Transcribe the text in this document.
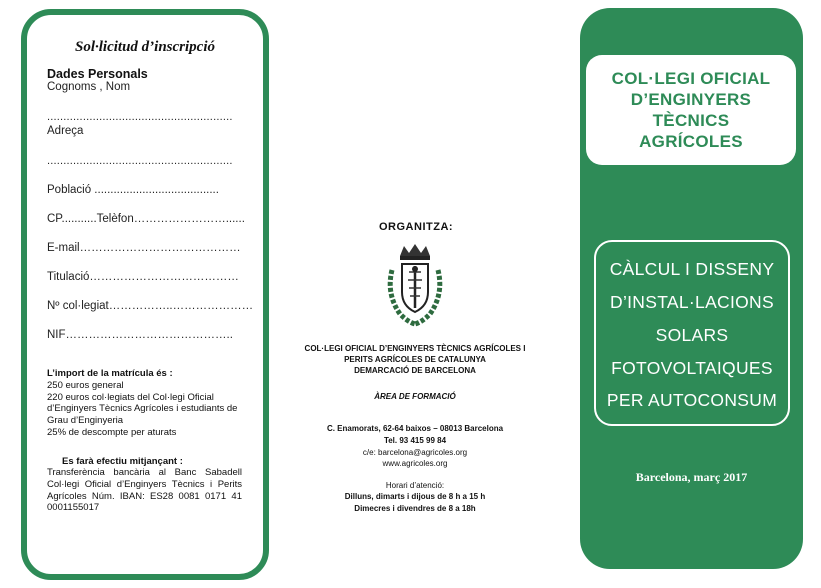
Sol·licitud d’inscripció
Dades Personals
Cognoms , Nom
.........................................................
Adreça
.........................................................
Població .......................................
CP...........Telèfon……………………......
E-mail……………………………………
Titulació…………………………………
Nº col·legiat……………..…………………
NIF……………………………………..
L’import de la matrícula és :
250 euros general
220 euros col·legiats del Col·legi Oficial d’Enginyers Tècnics Agrícoles i estudiants de Grau d’Enginyeria
25% de descompte per aturats
Es farà efectiu mitjançant :
Transferència bancària al Banc Sabadell Col·legi Oficial d’Enginyers Tècnics i Perits Agrícoles Núm. IBAN: ES28 0081 0171 41 0001155017
ORGANITZA:
COL·LEGI OFICIAL D’ENGINYERS TÈCNICS AGRÍCOLES I
PERITS AGRÍCOLES DE CATALUNYA
DEMARCACIÓ DE BARCELONA
ÀREA DE FORMACIÓ
C. Enamorats, 62-64 baixos – 08013 Barcelona
Tel. 93 415 99 84
c/e: barcelona@agricoles.org
www.agricoles.org
Horari d’atenció:
Dilluns, dimarts i dijous de 8 h a 15 h
Dimecres i divendres de 8 a 18h
COL·LEGI OFICIAL
D’ENGINYERS
TÈCNICS
AGRÍCOLES
CÀLCUL I DISSENY
D’INSTAL·LACIONS
SOLARS
FOTOVOLTAIQUES
PER AUTOCONSUM
Barcelona, març 2017
